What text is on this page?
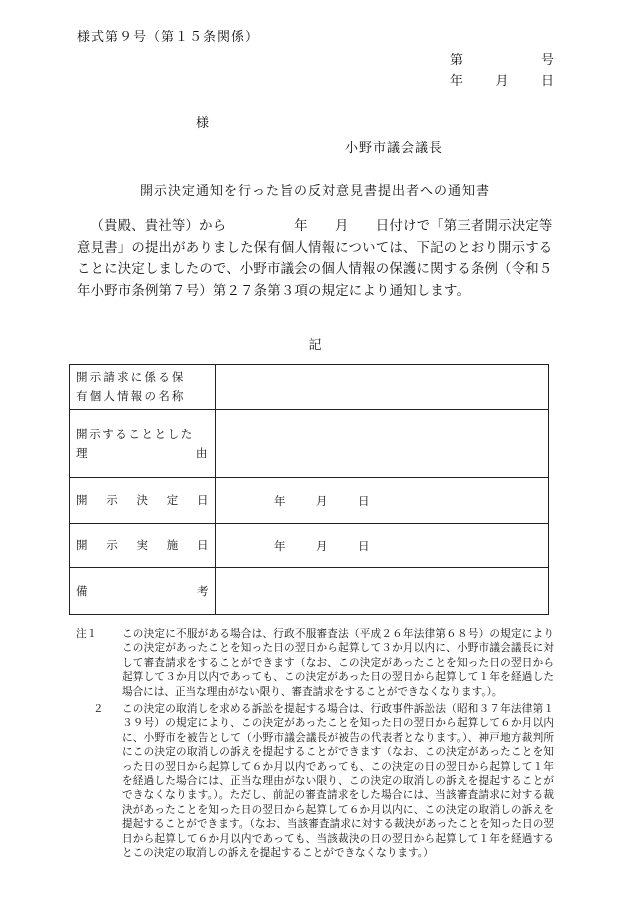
様式第９号（第１５条関係）
第	号
年 月 日
様
小野市議会議長
開示決定通知を行った旨の反対意見書提出者への通知書
（貴殿、貴社等）から　　　　　年　　月　　日付けで「第三者開示決定等意見書」の提出がありました保有個人情報については、下記のとおり開示することに決定しましたので、小野市議会の個人情報の保護に関する条例（令和５年小野市条例第７号）第２７条第３項の規定により通知します。
記
開示請求に係る保
有個人情報の名称	

開示することとした
理 由	

開 示 決 定 日	年 月 日

開 示 実 施 日	年 月 日

備 考	

注１	この決定に不服がある場合は、行政不服審査法（平成２６年法律第６８号）の規定によりこの決定があったことを知った日の翌日から起算して３か月以内に、小野市議会議長に対して審査請求をすることができます（なお、この決定があったことを知った日の翌日から起算して３か月以内であっても、この決定があった日の翌日から起算して１年を経過した場合には、正当な理由がない限り、審査請求をすることができなくなります。）。
２	この決定の取消しを求める訴訟を提起する場合は、行政事件訴訟法（昭和３７年法律第１３９号）の規定により、この決定があったことを知った日の翌日から起算して６か月以内に、小野市を被告として（小野市議会議長が被告の代表者となります。）、神戸地方裁判所にこの決定の取消しの訴えを提起することができます（なお、この決定があったことを知った日の翌日から起算して６か月以内であっても、この決定の日の翌日から起算して１年を経過した場合には、正当な理由がない限り、この決定の取消しの訴えを提起することができなくなります。）。ただし、前記の審査請求をした場合には、当該審査請求に対する裁決があったことを知った日の翌日から起算して６か月以内に、この決定の取消しの訴えを提起することができます。（なお、当該審査請求に対する裁決があったことを知った日の翌日から起算して６か月以内であっても、当該裁決の日の翌日から起算して１年を経過するとこの決定の取消しの訴えを提起することができなくなります。）
